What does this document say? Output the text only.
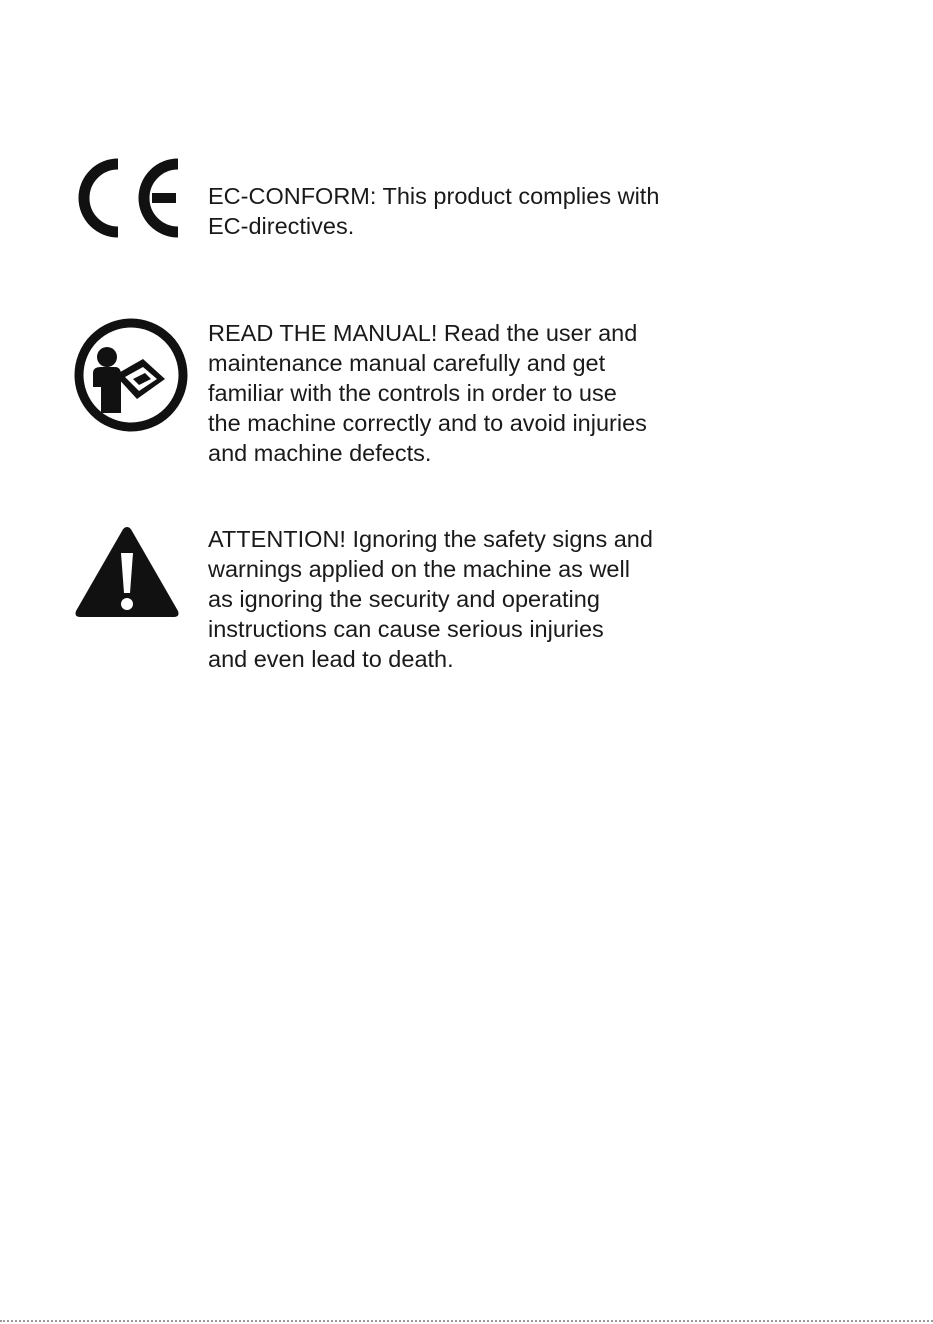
EC-CONFORM: This product complies with
EC-directives.
READ THE MANUAL! Read the user and
maintenance manual carefully and get
familiar with the controls in order to use
the machine correctly and to avoid injuries
and machine defects.
ATTENTION! Ignoring the safety signs and
warnings applied on the machine as well
as ignoring the security and operating
instructions can cause serious injuries
and even lead to death.
